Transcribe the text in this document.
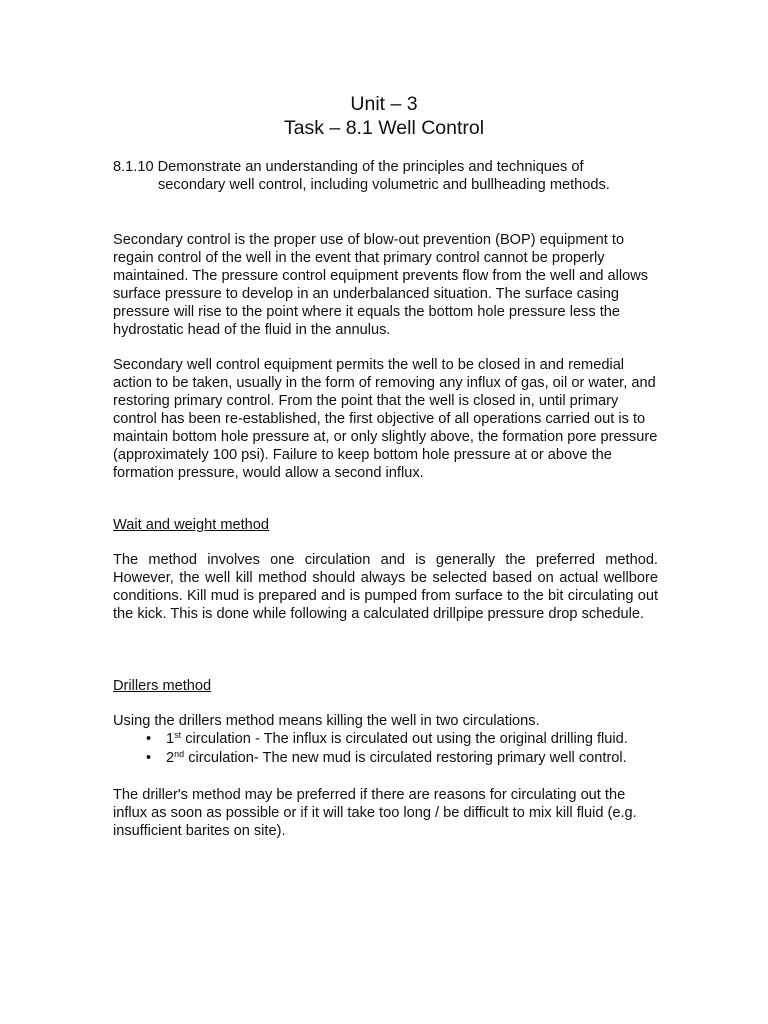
Unit – 3
Task – 8.1 Well Control
8.1.10 Demonstrate an understanding of the principles and techniques of
secondary well control, including volumetric and bullheading methods.

Secondary control is the proper use of blow-out prevention (BOP) equipment to regain control of the well in the event that primary control cannot be properly maintained. The pressure control equipment prevents flow from the well and allows surface pressure to develop in an underbalanced situation. The surface casing pressure will rise to the point where it equals the bottom hole pressure less the hydrostatic head of the fluid in the annulus.

Secondary well control equipment permits the well to be closed in and remedial action to be taken, usually in the form of removing any influx of gas, oil or water, and restoring primary control. From the point that the well is closed in, until primary control has been re-established, the first objective of all operations carried out is to maintain bottom hole pressure at, or only slightly above, the formation pore pressure (approximately 100 psi). Failure to keep bottom hole pressure at or above the formation pressure, would allow a second influx.

Wait and weight method

The method involves one circulation and is generally the preferred method. However, the well kill method should always be selected based on actual wellbore conditions. Kill mud is prepared and is pumped from surface to the bit circulating out the kick. This is done while following a calculated drillpipe pressure drop schedule.

Drillers method

Using the drillers method means killing the well in two circulations.

• 1st circulation - The influx is circulated out using the original drilling fluid.
• 2nd circulation- The new mud is circulated restoring primary well control.

The driller's method may be preferred if there are reasons for circulating out the influx as soon as possible or if it will take too long / be difficult to mix kill fluid (e.g. insufficient barites on site).
